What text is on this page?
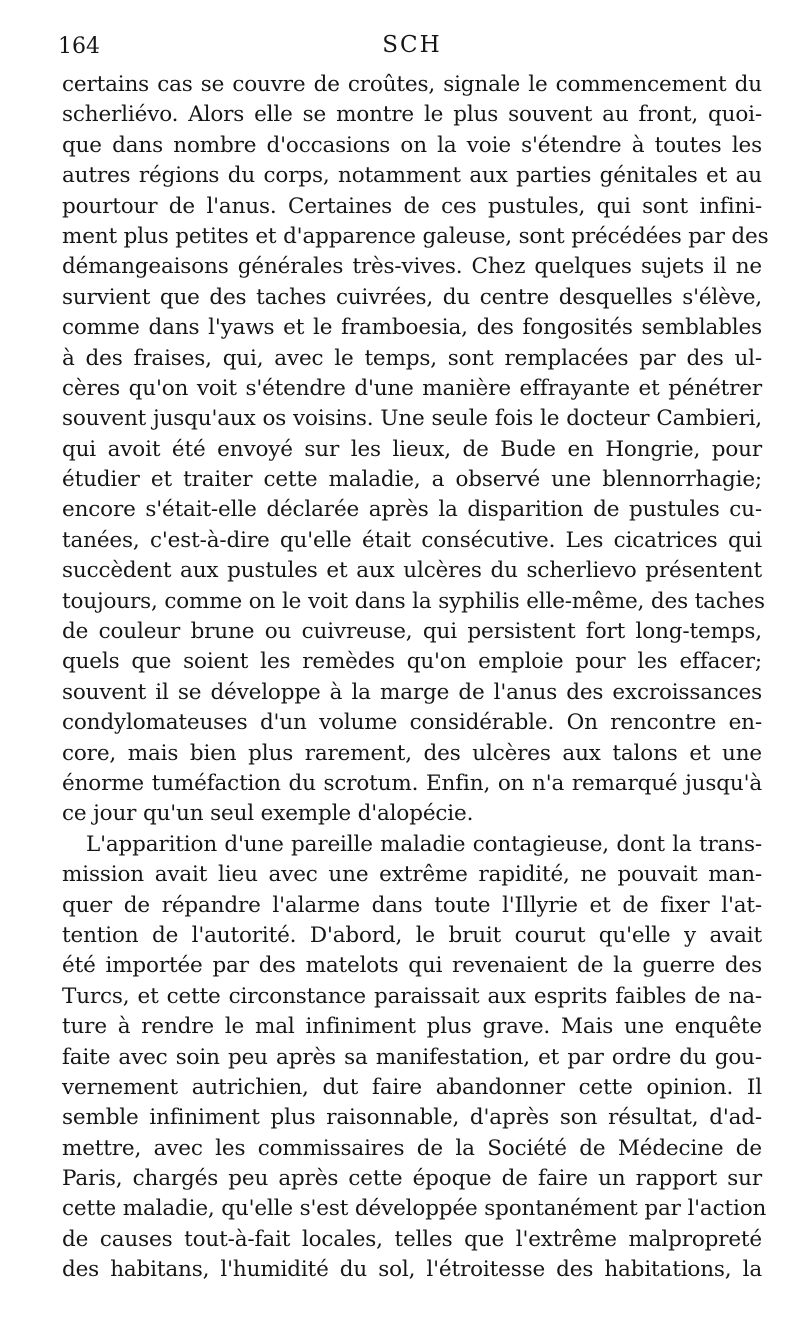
164	SCH
certains cas se couvre de croûtes, signale le commencement du
scherliévo. Alors elle se montre le plus souvent au front, quoi-
que dans nombre d'occasions on la voie s'étendre à toutes les
autres régions du corps, notamment aux parties génitales et au
pourtour de l'anus. Certaines de ces pustules, qui sont infini-
ment plus petites et d'apparence galeuse, sont précédées par des
démangeaisons générales très-vives. Chez quelques sujets il ne
survient que des taches cuivrées, du centre desquelles s'élève,
comme dans l'yaws et le framboesia, des fongosités semblables
à des fraises, qui, avec le temps, sont remplacées par des ul-
cères qu'on voit s'étendre d'une manière effrayante et pénétrer
souvent jusqu'aux os voisins. Une seule fois le docteur Cambieri,
qui avoit été envoyé sur les lieux, de Bude en Hongrie, pour
étudier et traiter cette maladie, a observé une blennorrhagie;
encore s'était-elle déclarée après la disparition de pustules cu-
tanées, c'est-à-dire qu'elle était consécutive. Les cicatrices qui
succèdent aux pustules et aux ulcères du scherlievo présentent
toujours, comme on le voit dans la syphilis elle-même, des taches
de couleur brune ou cuivreuse, qui persistent fort long-temps,
quels que soient les remèdes qu'on emploie pour les effacer;
souvent il se développe à la marge de l'anus des excroissances
condylomateuses d'un volume considérable. On rencontre en-
core, mais bien plus rarement, des ulcères aux talons et une
énorme tuméfaction du scrotum. Enfin, on n'a remarqué jusqu'à
ce jour qu'un seul exemple d'alopécie.
L'apparition d'une pareille maladie contagieuse, dont la trans-
mission avait lieu avec une extrême rapidité, ne pouvait man-
quer de répandre l'alarme dans toute l'Illyrie et de fixer l'at-
tention de l'autorité. D'abord, le bruit courut qu'elle y avait
été importée par des matelots qui revenaient de la guerre des
Turcs, et cette circonstance paraissait aux esprits faibles de na-
ture à rendre le mal infiniment plus grave. Mais une enquête
faite avec soin peu après sa manifestation, et par ordre du gou-
vernement autrichien, dut faire abandonner cette opinion. Il
semble infiniment plus raisonnable, d'après son résultat, d'ad-
mettre, avec les commissaires de la Société de Médecine de
Paris, chargés peu après cette époque de faire un rapport sur
cette maladie, qu'elle s'est développée spontanément par l'action
de causes tout-à-fait locales, telles que l'extrême malpropreté
des habitans, l'humidité du sol, l'étroitesse des habitations, la
